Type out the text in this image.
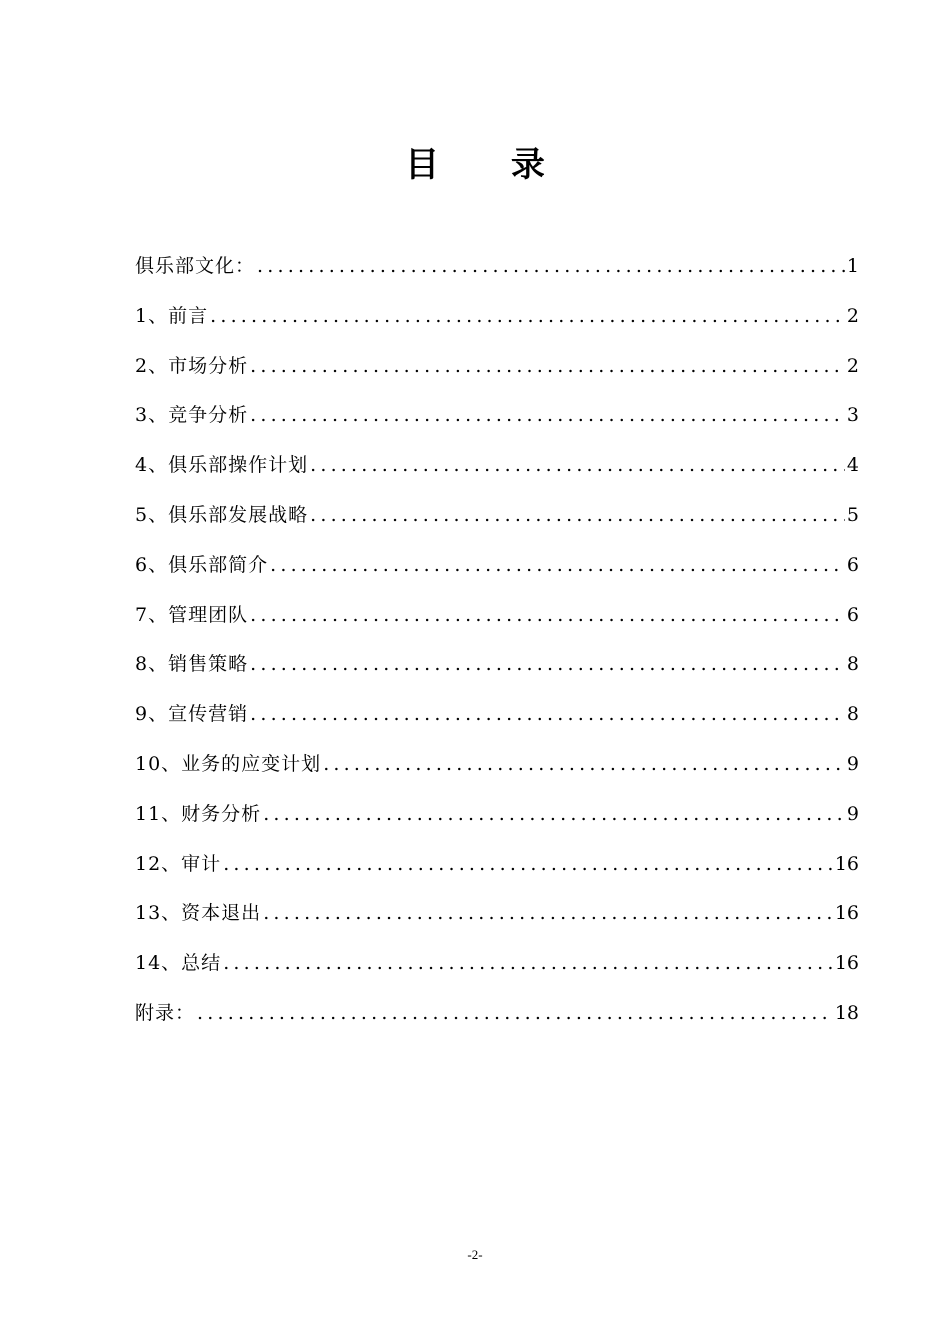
目 录
俱乐部文化： .....	1
1、前言 .....	2
2、市场分析 .....	2
3、竞争分析 .....	3
4、俱乐部操作计划 .....	4
5、俱乐部发展战略 .....	5
6、俱乐部简介 .....	6
7、管理团队 .....	6
8、销售策略 .....	8
9、宣传营销 .....	8
10、业务的应变计划 .....	9
11、财务分析 .....	9
12、审计 .....	16
13、资本退出 .....	16
14、总结 .....	16
附录： .....	18
-2-
